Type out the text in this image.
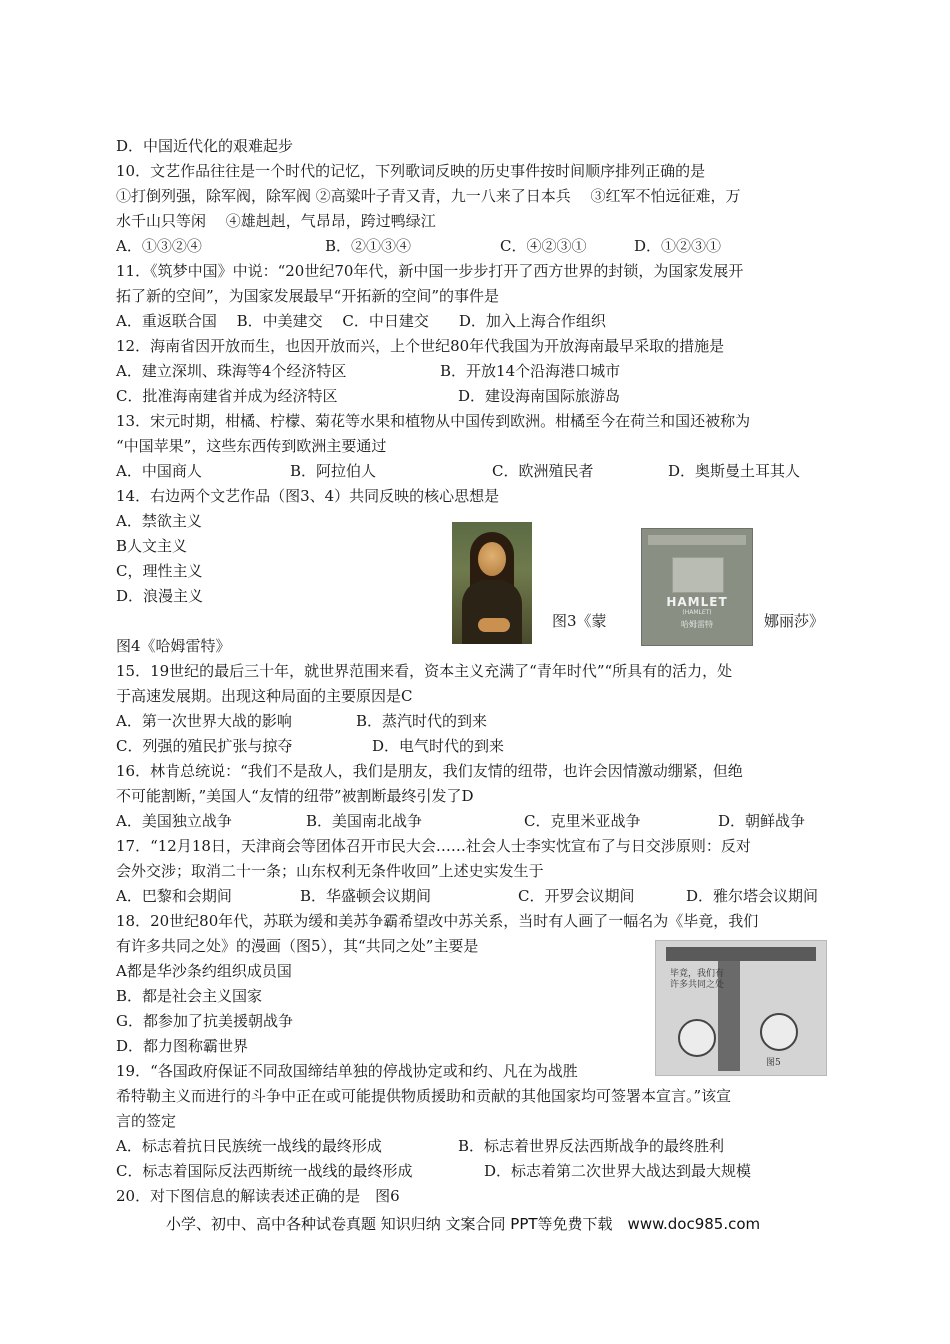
D．中国近代化的艰难起步
10．文艺作品往往是一个时代的记忆，下列歌词反映的历史事件按时间顺序排列正确的是
①打倒列强，除军阀，除军阀 ②高粱叶子青又青，九一八来了日本兵　 ③红军不怕远征难，万
水千山只等闲　 ④雄赳赳，气昂昂，跨过鸭绿江
A．①③②④	B．②①③④	C．④②③①	D．①②③①
11．《筑梦中国》中说：“20世纪70年代，新中国一步步打开了西方世界的封锁，为国家发展开
拓了新的空间”，为国家发展最早“开拓新的空间”的事件是
A．重返联合国　 B．中美建交　 C．中日建交　　D．加入上海合作组织
12．海南省因开放而生，也因开放而兴，上个世纪80年代我国为开放海南最早采取的措施是
A．建立深圳、珠海等4个经济特区	B．开放14个沿海港口城市
C．批准海南建省并成为经济特区	D．建设海南国际旅游岛
13．宋元时期，柑橘、柠檬、菊花等水果和植物从中国传到欧洲。柑橘至今在荷兰和国还被称为
“中国苹果”，这些东西传到欧洲主要通过
A．中国商人	B．阿拉伯人	C．欧洲殖民者	D．奥斯曼土耳其人
14．右边两个文艺作品（图3、4）共同反映的核心思想是
A．禁欲主义
B人文主义
C，理性主义
D．浪漫主义
图3《蒙
HAMLET
(HAMLET)
哈姆雷特	娜丽莎》
图4《哈姆雷特》
15．19世纪的最后三十年，就世界范围来看，资本主义充满了“青年时代”“所具有的活力，处
于高速发展期。出现这种局面的主要原因是C
A．第一次世界大战的影响	B．蒸汽时代的到来
C．列强的殖民扩张与掠夺	D．电气时代的到来
16．林肯总统说：“我们不是敌人，我们是朋友，我们友情的纽带，也许会因情激动绷紧，但绝
不可能割断，”美国人“友情的纽带”被割断最终引发了D
A．美国独立战争	B．美国南北战争	C．克里米亚战争	D．朝鲜战争
17．“12月18日，天津商会等团体召开市民大会……社会人士李实忱宣布了与日交涉原则：反对
会外交涉；取消二十一条；山东权利无条件收回”上述史实发生于
A．巴黎和会期间	B．华盛顿会议期间	C．开罗会议期间	D．雅尔塔会议期间
18．20世纪80年代，苏联为缓和美苏争霸希望改中苏关系，当时有人画了一幅名为《毕竟，我们
有许多共同之处》的漫画（图5），其“共同之处”主要是
A都是华沙条约组织成员国
B．都是社会主义国家
G．都参加了抗美援朝战争
D．都力图称霸世界
毕竟，我们有
许多共同之处
图5
19．“各国政府保证不同敌国缔结单独的停战协定或和约、凡在为战胜
希特勒主义而进行的斗争中正在或可能提供物质援助和贡献的其他国家均可签署本宣言。”该宣
言的签定
A．标志着抗日民族统一战线的最终形成	B．标志着世界反法西斯战争的最终胜利
C．标志着国际反法西斯统一战线的最终形成	D．标志着第二次世界大战达到最大规模
20．对下图信息的解读表述正确的是　图6
小学、初中、高中各种试卷真题 知识归纳 文案合同 PPT等免费下载　www.doc985.com
